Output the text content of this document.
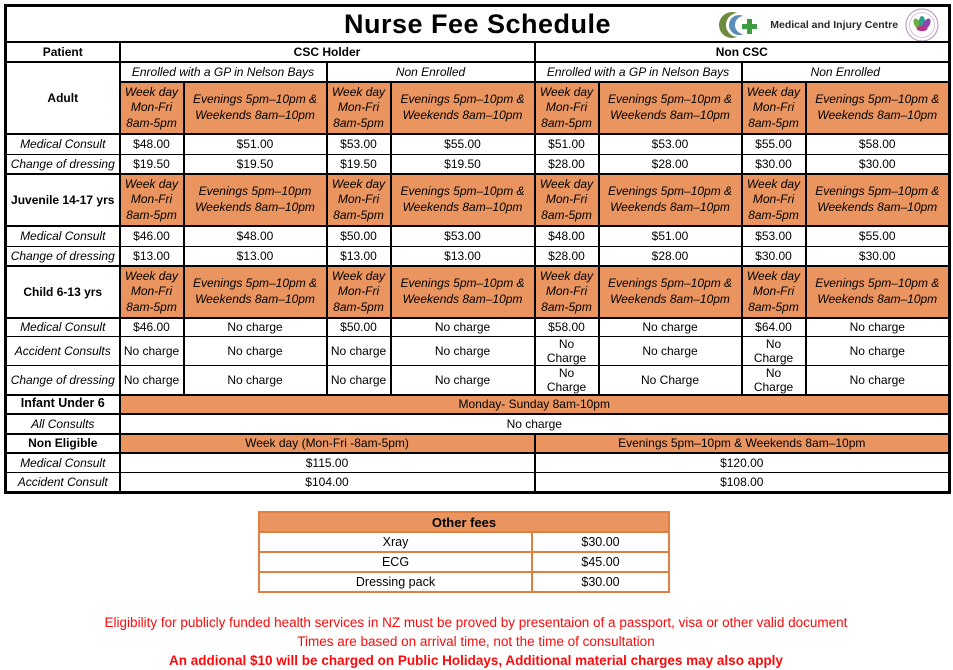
Nurse Fee Schedule Medical and Injury Centre								

Patient	CSC Holder				Non CSC			
Adult	Enrolled with a GP in Nelson Bays		Non Enrolled		Enrolled with a GP in Nelson Bays		Non Enrolled	
	Week day Mon-Fri 8am-5pm	Evenings 5pm–10pm & Weekends 8am–10pm	Week day Mon-Fri 8am-5pm	Evenings 5pm–10pm & Weekends 8am–10pm	Week day Mon-Fri 8am-5pm	Evenings 5pm–10pm & Weekends 8am–10pm	Week day Mon-Fri 8am-5pm	Evenings 5pm–10pm & Weekends 8am–10pm
Medical Consult	$48.00	$51.00	$53.00	$55.00	$51.00	$53.00	$55.00	$58.00
Change of dressing	$19.50	$19.50	$19.50	$19.50	$28.00	$28.00	$30.00	$30.00
Juvenile 14-17 yrs	Week day Mon-Fri 8am-5pm	Evenings 5pm–10pm Weekends 8am–10pm	Week day Mon-Fri 8am-5pm	Evenings 5pm–10pm & Weekends 8am–10pm	Week day Mon-Fri 8am-5pm	Evenings 5pm–10pm & Weekends 8am–10pm	Week day Mon-Fri 8am-5pm	Evenings 5pm–10pm & Weekends 8am–10pm
Medical Consult	$46.00	$48.00	$50.00	$53.00	$48.00	$51.00	$53.00	$55.00
Change of dressing	$13.00	$13.00	$13.00	$13.00	$28.00	$28.00	$30.00	$30.00
Child 6-13 yrs	Week day Mon-Fri 8am-5pm	Evenings 5pm–10pm & Weekends 8am–10pm	Week day Mon-Fri 8am-5pm	Evenings 5pm–10pm & Weekends 8am–10pm	Week day Mon-Fri 8am-5pm	Evenings 5pm–10pm & Weekends 8am–10pm	Week day Mon-Fri 8am-5pm	Evenings 5pm–10pm & Weekends 8am–10pm
Medical Consult	$46.00	No charge	$50.00	No charge	$58.00	No charge	$64.00	No charge
Accident Consults	No charge	No charge	No charge	No charge	No Charge	No charge	No Charge	No charge
Change of dressing	No charge	No charge	No charge	No charge	No Charge	No Charge	No Charge	No charge
Infant Under 6	Monday- Sunday 8am-10pm							
All Consults	No charge							
Non Eligible	Week day (Mon-Fri -8am-5pm)				Evenings 5pm–10pm & Weekends 8am–10pm			
Medical Consult	$115.00				$120.00			
Accident Consult	$104.00				$108.00			
Other fees	
Xray	$30.00
ECG	$45.00
Dressing pack	$30.00
Eligibility for publicly funded health services in NZ must be proved by presentaion of a passport, visa or other valid document
Times are based on arrival time, not the time of consultation
An addional $10 will be charged on Public Holidays, Additional material charges may also apply
